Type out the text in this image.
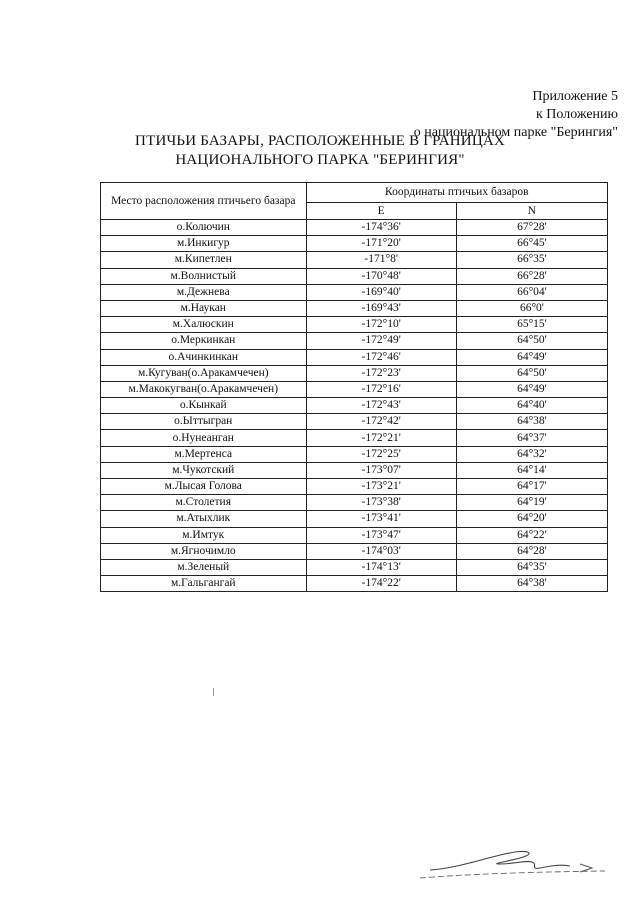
Приложение 5
к Положению
о национальном парке "Берингия"
ПТИЧЬИ БАЗАРЫ, РАСПОЛОЖЕННЫЕ В ГРАНИЦАХ
НАЦИОНАЛЬНОГО ПАРКА "БЕРИНГИЯ"
Место расположения птичьего базара	Координаты птичьих базаров	
	E	N
о.Колючин	-174°36'	67°28'
м.Инкигур	-171°20'	66°45'
м.Кипетлен	-171°8'	66°35'
м.Волнистый	-170°48'	66°28'
м.Дежнева	-169°40'	66°04'
м.Наукан	-169°43'	66°0'
м.Халюскин	-172°10'	65°15'
о.Меркинкан	-172°49'	64°50'
о.Ачинкинкан	-172°46'	64°49'
м.Кугуван(о.Аракамчечен)	-172°23'	64°50'
м.Макокугван(о.Аракамчечен)	-172°16'	64°49'
о.Кынкай	-172°43'	64°40'
о.Ыттыгран	-172°42'	64°38'
о.Нунеанган	-172°21'	64°37'
м.Мертенса	-172°25'	64°32'
м.Чукотский	-173°07'	64°14'
м.Лысая Голова	-173°21'	64°17'
м.Столетия	-173°38'	64°19'
м.Атыхлик	-173°41'	64°20'
м.Имтук	-173°47'	64°22'
м.Ягночимло	-174°03'	64°28'
м.Зеленый	-174°13'	64°35'
м.Гальгангай	-174°22'	64°38'
